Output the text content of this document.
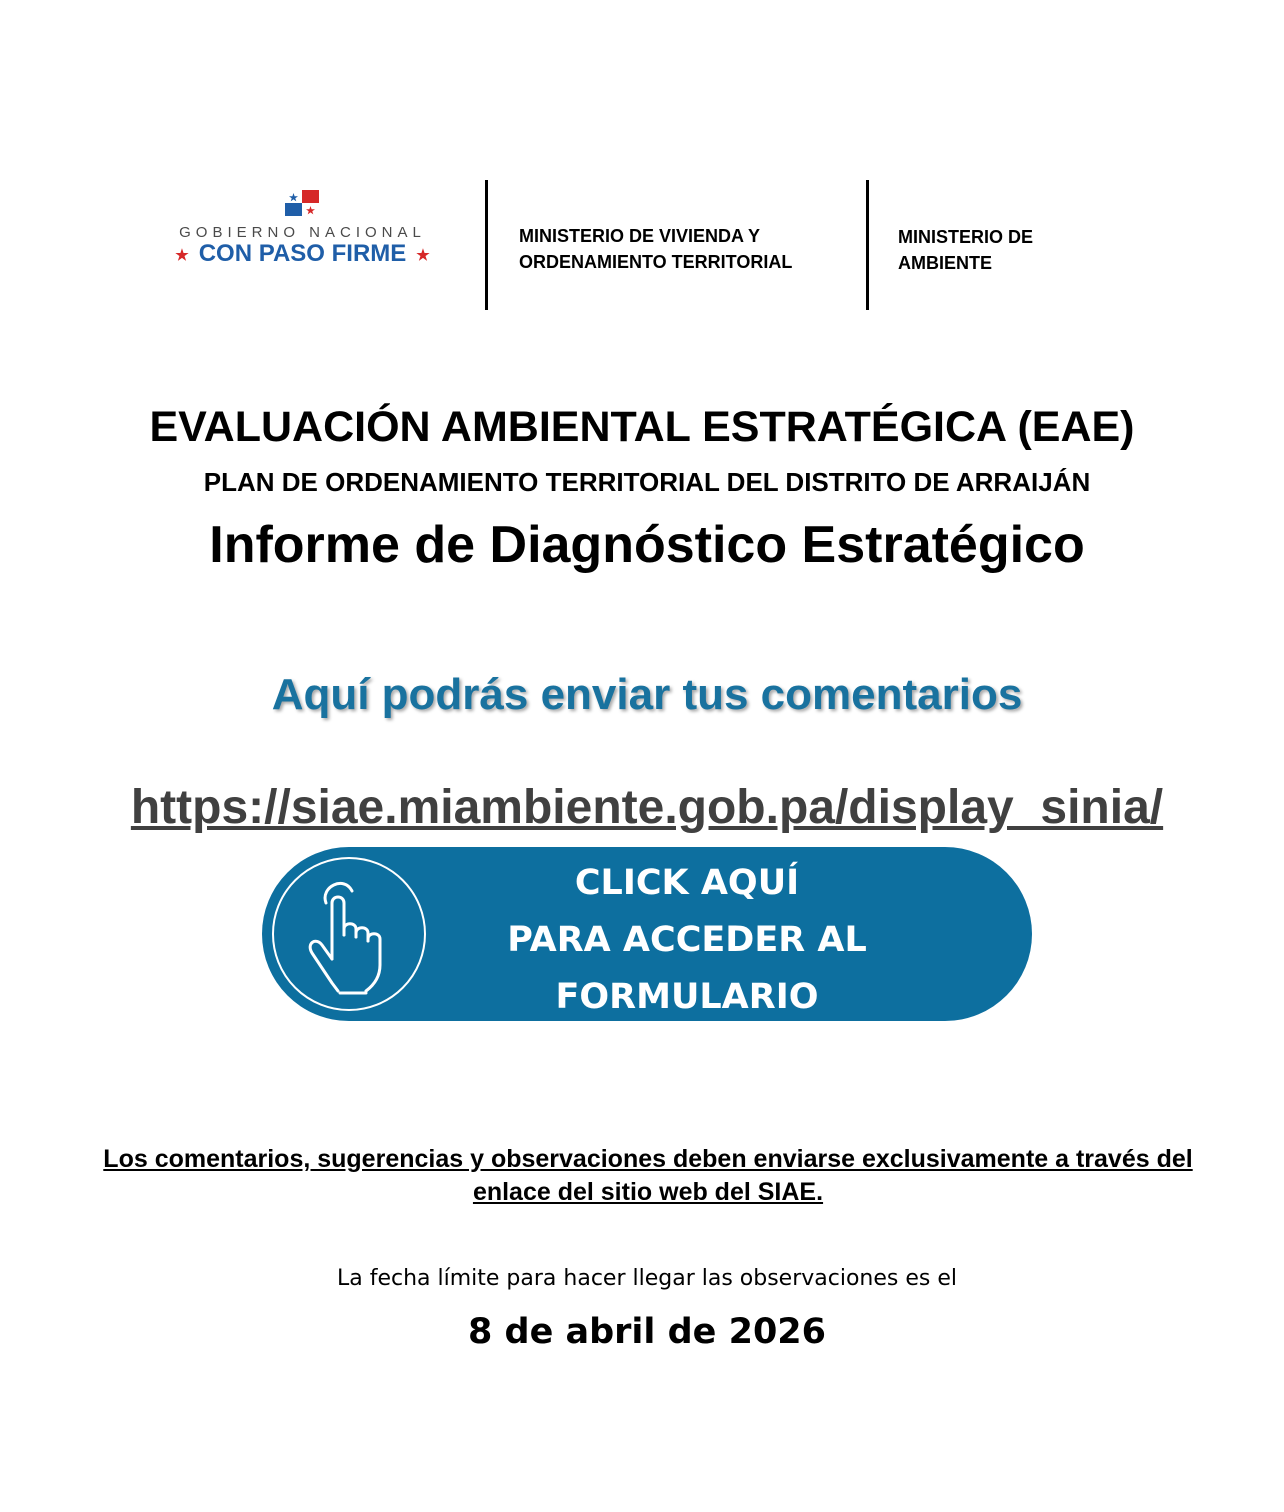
GOBIERNO NACIONAL
★ CON PASO FIRME ★
MINISTERIO DE VIVIENDA Y
ORDENAMIENTO TERRITORIAL
MINISTERIO DE
AMBIENTE
EVALUACIÓN AMBIENTAL ESTRATÉGICA (EAE)
PLAN DE ORDENAMIENTO TERRITORIAL DEL DISTRITO DE ARRAIJÁN
Informe de Diagnóstico Estratégico
Aquí podrás enviar tus comentarios
https://siae.miambiente.gob.pa/display_sinia/
CLICK AQUÍ
PARA ACCEDER AL
FORMULARIO
Los comentarios, sugerencias y observaciones deben enviarse exclusivamente a través del enlace del sitio web del SIAE.
La fecha límite para hacer llegar las observaciones es el
8 de abril de 2026
